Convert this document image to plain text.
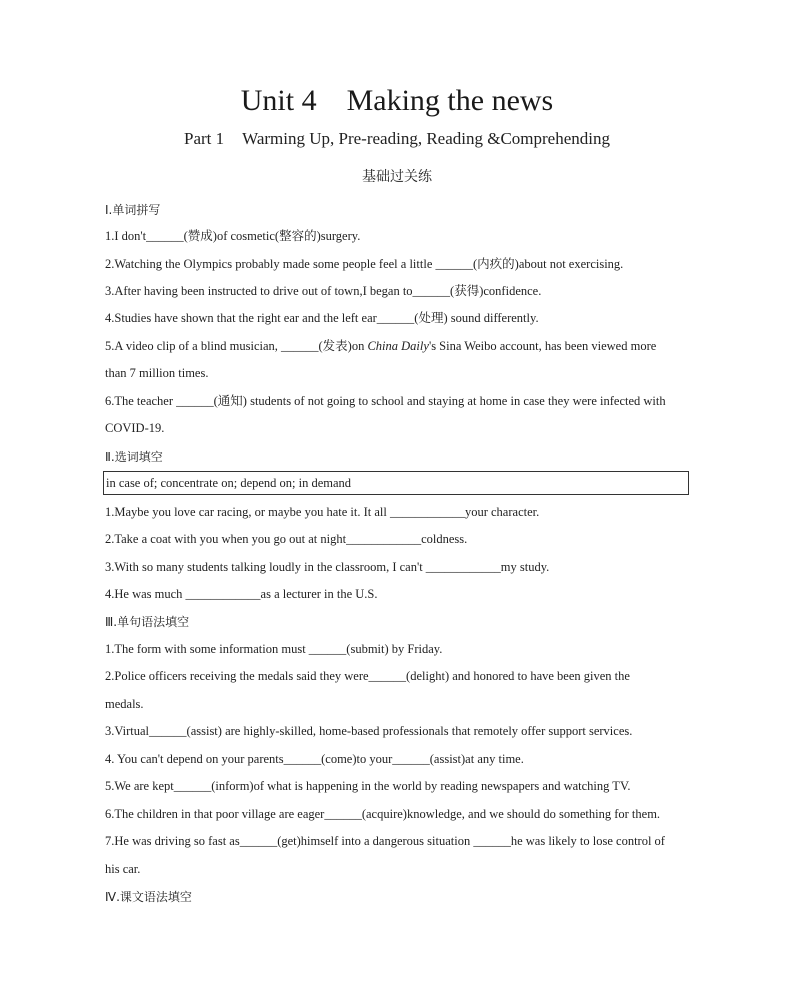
Unit 4 Making the news
Part 1 Warming Up, Pre-reading, Reading &Comprehending
基础过关练
Ⅰ.单词拼写
1.I don't______(赞成)of cosmetic(整容的)surgery.
2.Watching the Olympics probably made some people feel a little ______(内疚的)about not exercising.
3.After having been instructed to drive out of town,I began to______(获得)confidence.
4.Studies have shown that the right ear and the left ear______(处理) sound differently.
5.A video clip of a blind musician, ______(发表)on China Daily's Sina Weibo account, has been viewed more
than 7 million times.
6.The teacher ______(通知) students of not going to school and staying at home in case they were infected with
COVID-19.
Ⅱ.选词填空
in case of; concentrate on; depend on; in demand
1.Maybe you love car racing, or maybe you hate it. It all ____________your character.
2.Take a coat with you when you go out at night____________coldness.
3.With so many students talking loudly in the classroom, I can't ____________my study.
4.He was much ____________as a lecturer in the U.S.
Ⅲ.单句语法填空
1.The form with some information must ______(submit) by Friday.
2.Police officers receiving the medals said they were______(delight) and honored to have been given the
medals.
3.Virtual______(assist) are highly-skilled, home-based professionals that remotely offer support services.
4. You can't depend on your parents______(come)to your______(assist)at any time.
5.We are kept______(inform)of what is happening in the world by reading newspapers and watching TV.
6.The children in that poor village are eager______(acquire)knowledge, and we should do something for them.
7.He was driving so fast as______(get)himself into a dangerous situation ______he was likely to lose control of
his car.
Ⅳ.课文语法填空
